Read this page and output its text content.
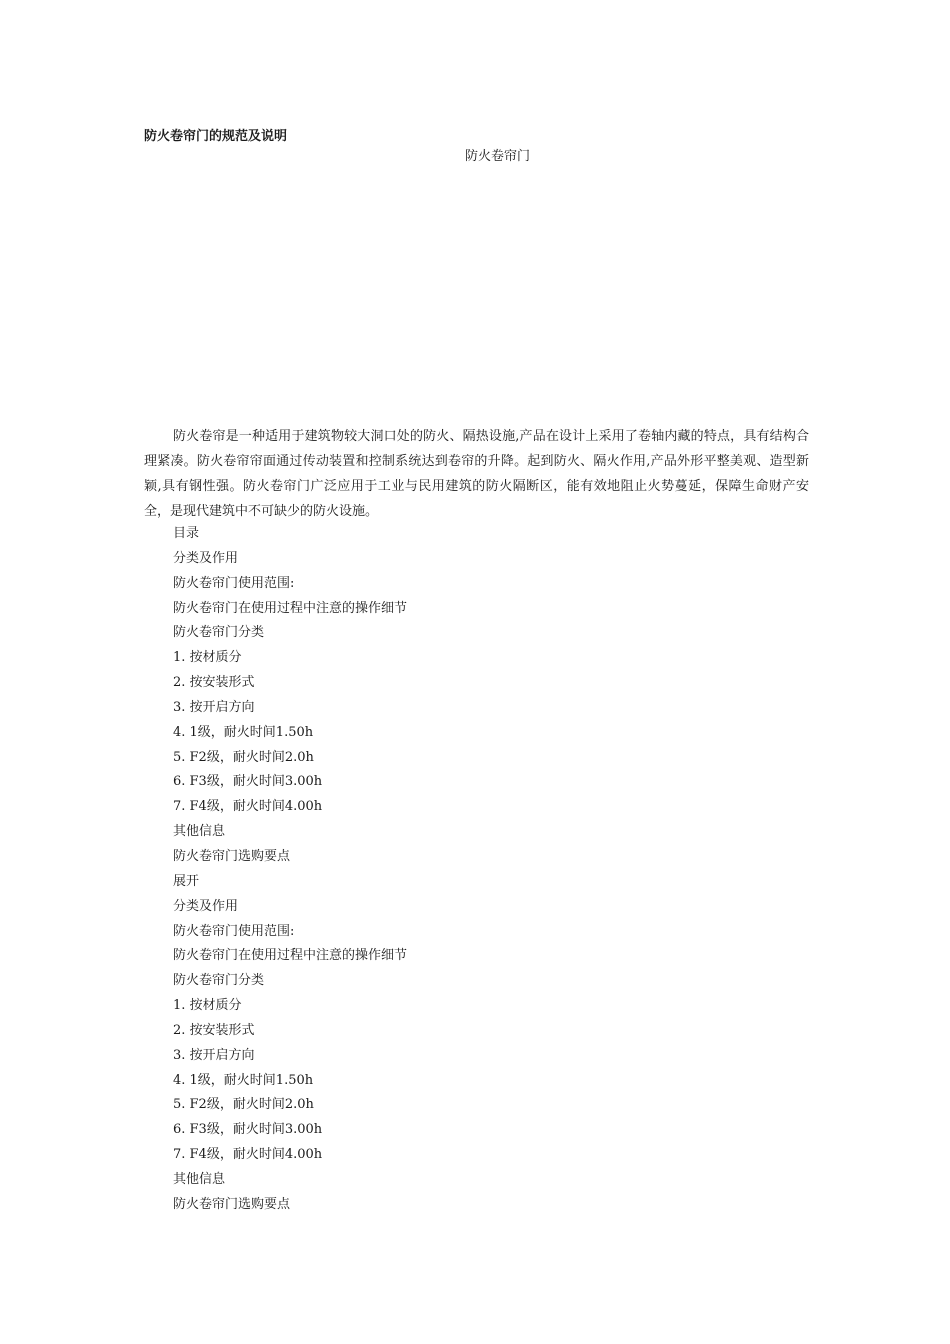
防火卷帘门的规范及说明
防火卷帘门

防火卷帘是一种适用于建筑物较大洞口处的防火、隔热设施,产品在设计上采用了卷轴内藏的特点，具有结构合理紧凑。防火卷帘帘面通过传动装置和控制系统达到卷帘的升降。起到防火、隔火作用,产品外形平整美观、造型新颖,具有钢性强。防火卷帘门广泛应用于工业与民用建筑的防火隔断区，能有效地阻止火势蔓延，保障生命财产安全，是现代建筑中不可缺少的防火设施。

目录
分类及作用
防火卷帘门使用范围:
防火卷帘门在使用过程中注意的操作细节
防火卷帘门分类
1. 按材质分
2. 按安装形式
3. 按开启方向
4. 1级，耐火时间1.50h
5. F2级，耐火时间2.0h
6. F3级，耐火时间3.00h
7. F4级，耐火时间4.00h
其他信息
防火卷帘门选购要点
展开
分类及作用
防火卷帘门使用范围:
防火卷帘门在使用过程中注意的操作细节
防火卷帘门分类
1. 按材质分
2. 按安装形式
3. 按开启方向
4. 1级，耐火时间1.50h
5. F2级，耐火时间2.0h
6. F3级，耐火时间3.00h
7. F4级，耐火时间4.00h
其他信息
防火卷帘门选购要点
